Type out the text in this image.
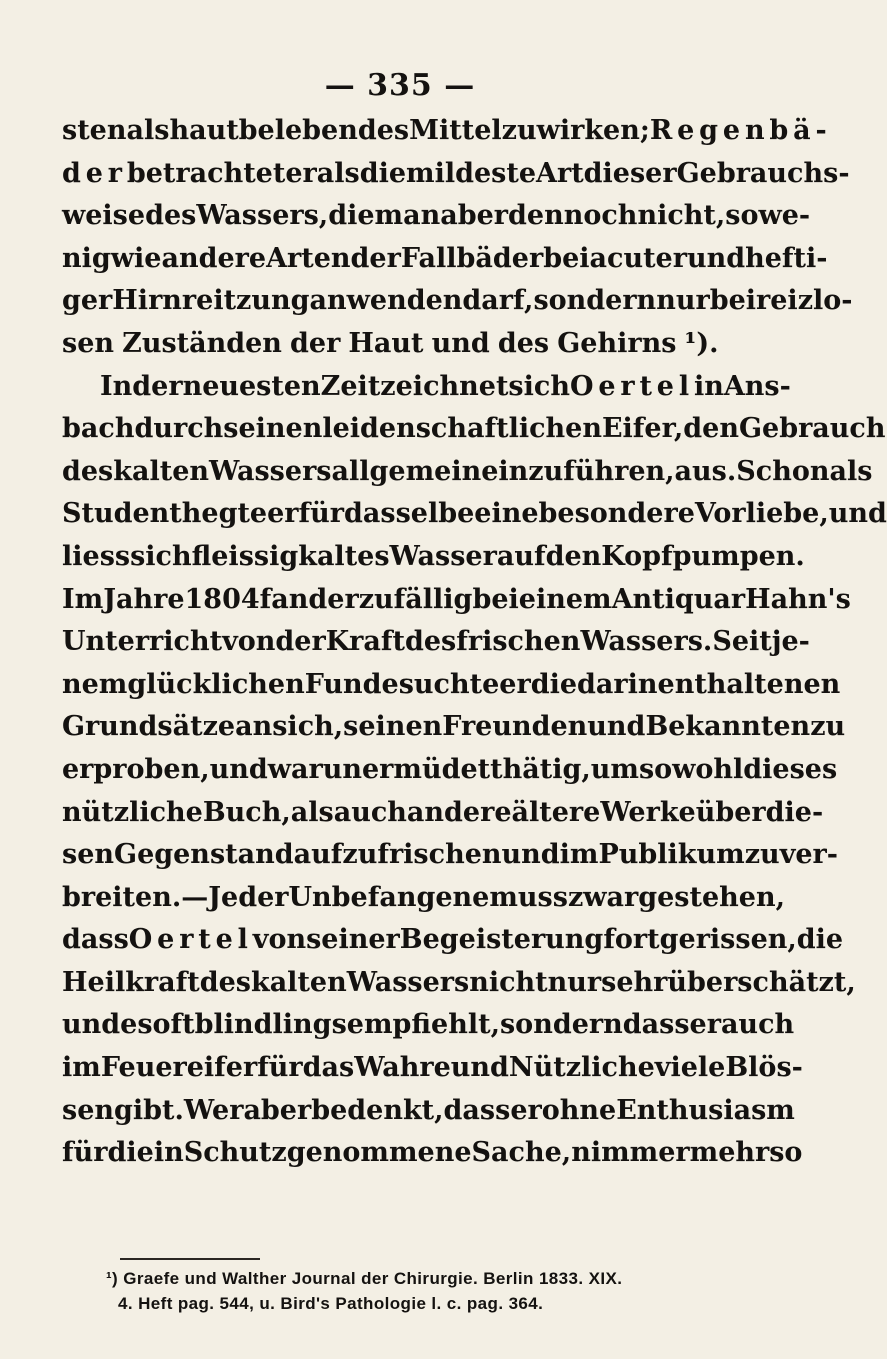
— 335 —
sten als hautbelebendes Mittel zu wirken; Regenbä-
der betrachtet er als die mildeste Art dieser Gebrauchs-
weise des Wassers, die man aber dennoch nicht, so we-
nig wie andere Arten der Fallbäder bei acuter und hefti-
ger Hirnreitzung anwenden darf, sondern nur bei reizlo-
sen Zuständen der Haut und des Gehirns ¹).
In der neuesten Zeit zeichnet sich Oertel in Ans-
bach durch seinen leidenschaftlichen Eifer, den Gebrauch
des kalten Wassers allgemein einzuführen, aus. Schon als
Student hegte er für dasselbe eine besondere Vorliebe, und
liess sich fleissig kaltes Wasser auf den Kopf pumpen.
Im Jahre 1804 fand er zufällig bei einem Antiquar Hahn's
Unterricht von der Kraft des frischen Wassers. Seit je-
nem glücklichen Funde suchte er die darin enthaltenen
Grundsätze an sich, seinen Freunden und Bekannten zu
erproben, und war unermüdet thätig, um sowohl dieses
nützliche Buch, als auch andere ältere Werke über die-
sen Gegenstand aufzufrischen und im Publikum zu ver-
breiten. — Jeder Unbefangene muss zwar gestehen,
dass Oertel von seiner Begeisterung fortgerissen, die
Heilkraft des kalten Wassers nicht nur sehr überschätzt,
und es oft blindlings empfiehlt, sondern dass er auch
im Feuereifer für das Wahre und Nützliche viele Blös-
sen gibt. Wer aber bedenkt, dass er ohne Enthusiasm
für die in Schutz genommene Sache, nimmermehr so
¹) Graefe und Walther Journal der Chirurgie. Berlin 1833. XIX.
4. Heft pag. 544, u. Bird's Pathologie l. c. pag. 364.
